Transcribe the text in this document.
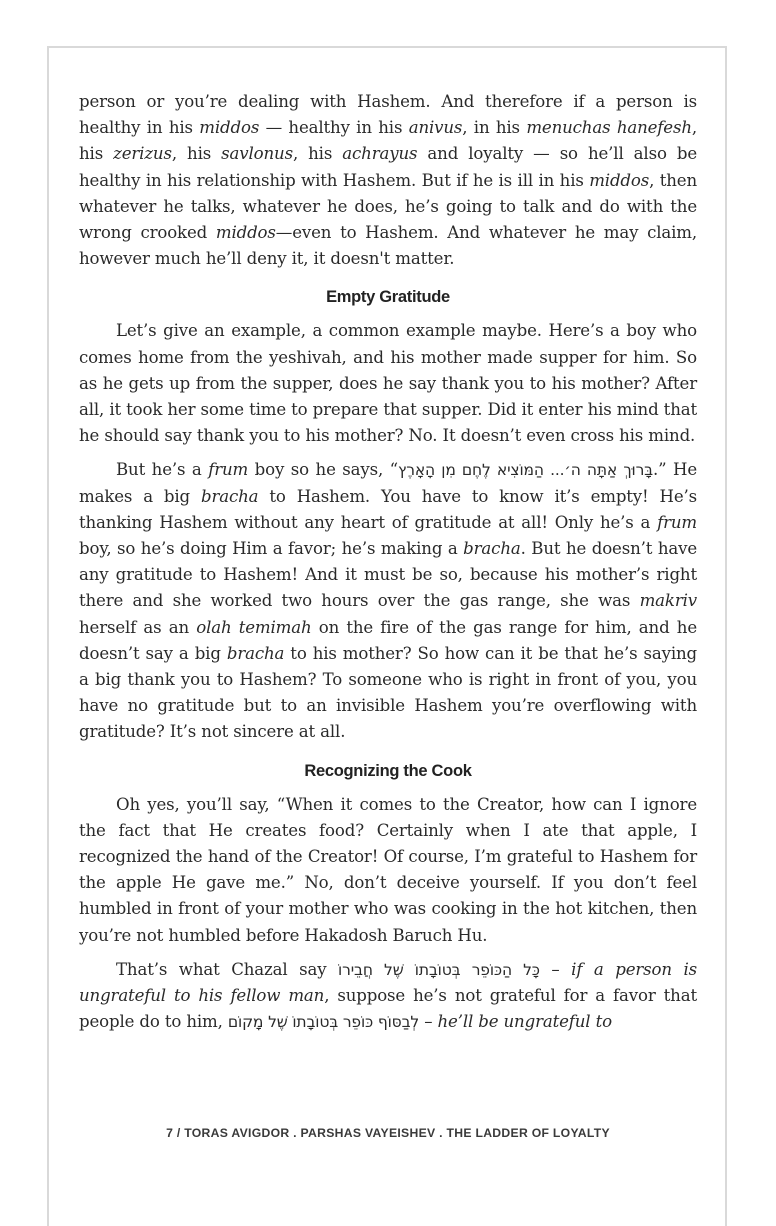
person or you’re dealing with Hashem. And therefore if a person is healthy in his middos — healthy in his anivus, in his menuchas hanefesh, his zerizus, his savlonus, his achrayus and loyalty — so he’ll also be healthy in his relationship with Hashem. But if he is ill in his middos, then whatever he talks, whatever he does, he’s going to talk and do with the wrong crooked middos—even to Hashem. And whatever he may claim, however much he’ll deny it, it doesn't matter.

Empty Gratitude

Let’s give an example, a common example maybe. Here’s a boy who comes home from the yeshivah, and his mother made supper for him. So as he gets up from the supper, does he say thank you to his mother? After all, it took her some time to prepare that supper. Did it enter his mind that he should say thank you to his mother? No. It doesn’t even cross his mind.

But he’s a frum boy so he says, “בָּרוּךְ אַתָּה ה׳... הַמּוֹצִיא לֶחֶם מִן הָאָרֶץ.” He makes a big bracha to Hashem. You have to know it’s empty! He’s thanking Hashem without any heart of gratitude at all! Only he’s a frum boy, so he’s doing Him a favor; he’s making a bracha. But he doesn’t have any gratitude to Hashem! And it must be so, because his mother’s right there and she worked two hours over the gas range, she was makriv herself as an olah temimah on the fire of the gas range for him, and he doesn’t say a big bracha to his mother? So how can it be that he’s saying a big thank you to Hashem? To someone who is right in front of you, you have no gratitude but to an invisible Hashem you’re overflowing with gratitude? It’s not sincere at all.

Recognizing the Cook

Oh yes, you’ll say, “When it comes to the Creator, how can I ignore the fact that He creates food? Certainly when I ate that apple, I recognized the hand of the Creator! Of course, I’m grateful to Hashem for the apple He gave me.” No, don’t deceive yourself. If you don’t feel humbled in front of your mother who was cooking in the hot kitchen, then you’re not humbled before Hakadosh Baruch Hu.

That’s what Chazal say כָּל הַכּוֹפֵר בְּטוֹבָתוֹ שֶׁל חֲבֵירוֹ – if a person is ungrateful to his fellow man, suppose he’s not grateful for a favor that people do to him, לְבַסּוֹף כּוֹפֵר בְּטוֹבָתוֹ שֶׁל מָקוֹם – he’ll be ungrateful to

7 / TORAS AVIGDOR . PARSHAS VAYEISHEV . THE LADDER OF LOYALTY
